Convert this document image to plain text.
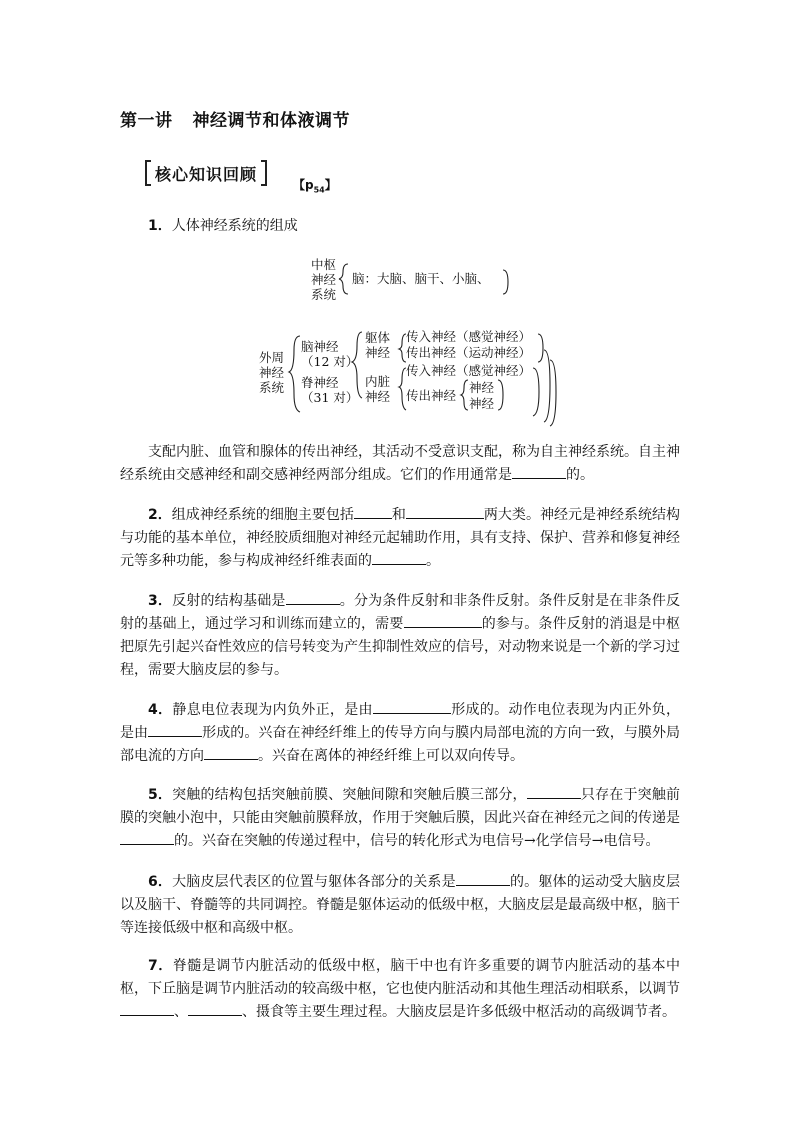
第一讲 神经调节和体液调节
核心知识回顾
【$p_{54}$】
1．人体神经系统的组成
中枢
神经
系统
脑：大脑、脑干、小脑、
外周
神经
系统
脑神经
（12 对）
脊神经
（31 对）
躯体
神经
内脏
神经
传入神经（感觉神经）
传出神经（运动神经）
传入神经（感觉神经）
传出神经
神经
神经
支配内脏、血管和腺体的传出神经，其活动不受意识支配，称为自主神经系统。自主神经系统由交感神经和副交感神经两部分组成。它们的作用通常是	的。
2．组成神经系统的细胞主要包括	和	两大类。神经元是神经系统结构与功能的基本单位，神经胶质细胞对神经元起辅助作用，具有支持、保护、营养和修复神经元等多种功能，参与构成神经纤维表面的	。
3．反射的结构基础是	。分为条件反射和非条件反射。条件反射是在非条件反射的基础上，通过学习和训练而建立的，需要	的参与。条件反射的消退是中枢把原先引起兴奋性效应的信号转变为产生抑制性效应的信号，对动物来说是一个新的学习过程，需要大脑皮层的参与。
4．静息电位表现为内负外正，是由	形成的。动作电位表现为内正外负，是由	形成的。兴奋在神经纤维上的传导方向与膜内局部电流的方向一致，与膜外局部电流的方向	。兴奋在离体的神经纤维上可以双向传导。
5．突触的结构包括突触前膜、突触间隙和突触后膜三部分，	只存在于突触前膜的突触小泡中，只能由突触前膜释放，作用于突触后膜，因此兴奋在神经元之间的传递是的。兴奋在突触的传递过程中，信号的转化形式为电信号→化学信号→电信号。
6．大脑皮层代表区的位置与躯体各部分的关系是	的。躯体的运动受大脑皮层以及脑干、脊髓等的共同调控。脊髓是躯体运动的低级中枢，大脑皮层是最高级中枢，脑干等连接低级中枢和高级中枢。
7．脊髓是调节内脏活动的低级中枢，脑干中也有许多重要的调节内脏活动的基本中枢，下丘脑是调节内脏活动的较高级中枢，它也使内脏活动和其他生理活动相联系，以调节、	、摄食等主要生理过程。大脑皮层是许多低级中枢活动的高级调节者。
